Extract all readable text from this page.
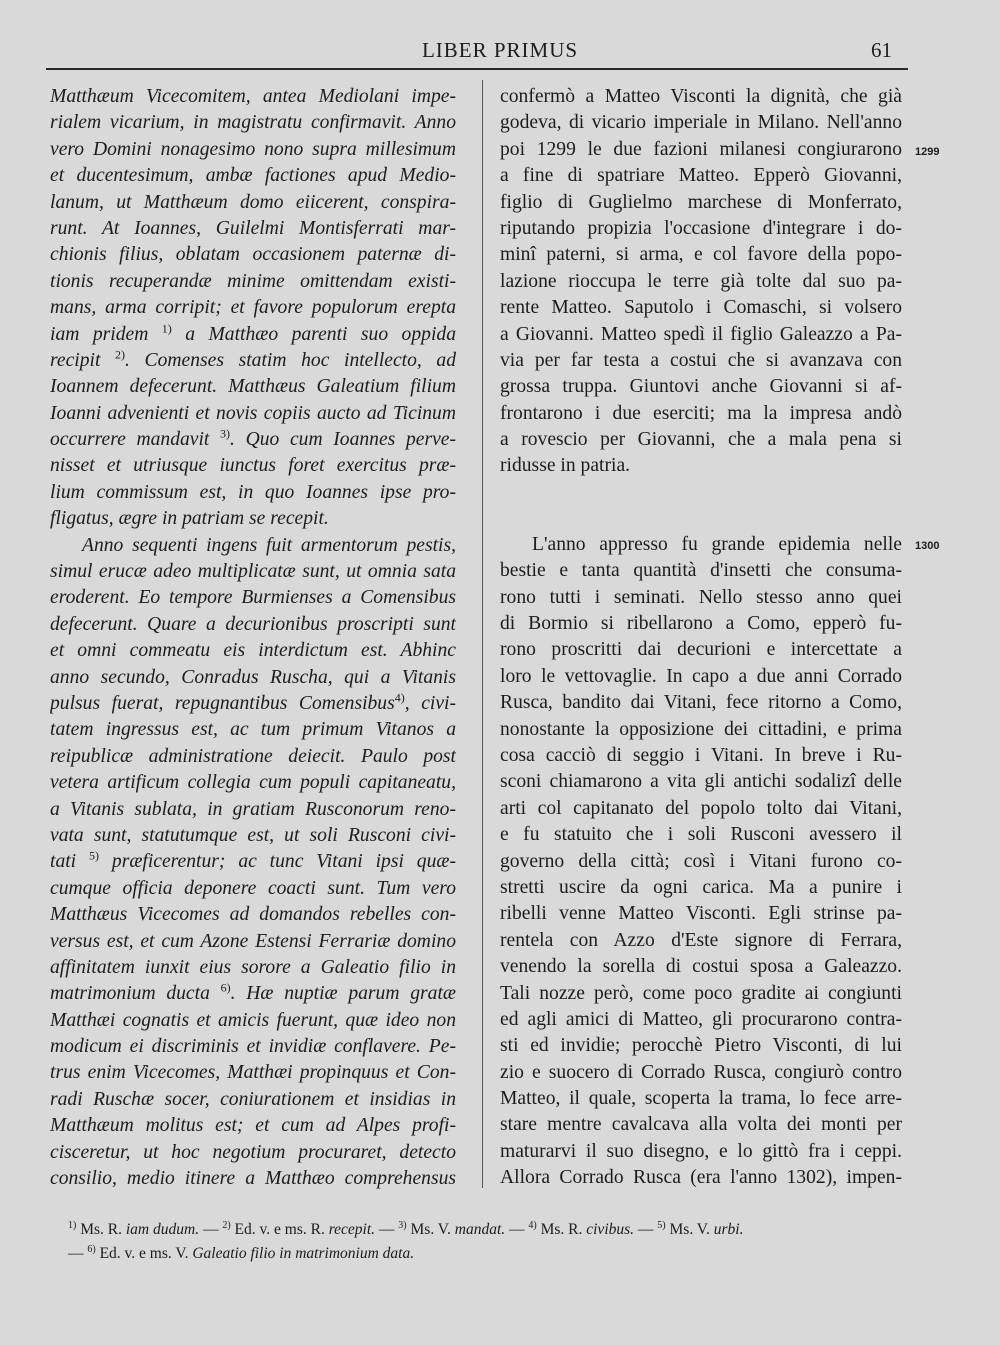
LIBER PRIMUS	61
Matthæum Vicecomitem, antea Mediolani impe-
rialem vicarium, in magistratu confirmavit. Anno
vero Domini nonagesimo nono supra millesimum
et ducentesimum, ambæ factiones apud Medio-
lanum, ut Matthæum domo eiicerent, conspira-
runt. At Ioannes, Guilelmi Montisferrati mar-
chionis filius, oblatam occasionem paternæ di-
tionis recuperandæ minime omittendam existi-
mans, arma corripit; et favore populorum erepta
iam pridem $^{1)}$ a Matthæo parenti suo oppida
recipit $^{2)}$. Comenses statim hoc intellecto, ad
Ioannem defecerunt. Matthæus Galeatium filium
Ioanni advenienti et novis copiis aucto ad Ticinum
occurrere mandavit $^{3)}$. Quo cum Ioannes perve-
nisset et utriusque iunctus foret exercitus præ-
lium commissum est, in quo Ioannes ipse pro-
fligatus, ægre in patriam se recepit.
Anno sequenti ingens fuit armentorum pestis,
simul erucæ adeo multiplicatæ sunt, ut omnia sata
eroderent. Eo tempore Burmienses a Comensibus
defecerunt. Quare a decurionibus proscripti sunt
et omni commeatu eis interdictum est. Abhinc
anno secundo, Conradus Ruscha, qui a Vitanis
pulsus fuerat, repugnantibus Comensibus$^{4)}$, civi-
tatem ingressus est, ac tum primum Vitanos a
reipublicæ administratione deiecit. Paulo post
vetera artificum collegia cum populi capitaneatu,
a Vitanis sublata, in gratiam Rusconorum reno-
vata sunt, statutumque est, ut soli Rusconi civi-
tati $^{5)}$ præficerentur; ac tunc Vitani ipsi quæ-
cumque officia deponere coacti sunt. Tum vero
Matthæus Vicecomes ad domandos rebelles con-
versus est, et cum Azone Estensi Ferrariæ domino
affinitatem iunxit eius sorore a Galeatio filio in
matrimonium ducta $^{6)}$. Hæ nuptiæ parum gratæ
Matthæi cognatis et amicis fuerunt, quæ ideo non
modicum ei discriminis et invidiæ conflavere. Pe-
trus enim Vicecomes, Matthæi propinquus et Con-
radi Ruschæ socer, coniurationem et insidias in
Matthæum molitus est; et cum ad Alpes profi-
cisceretur, ut hoc negotium procuraret, detecto
consilio, medio itinere a Matthæo comprehensus
confermò a Matteo Visconti la dignità, che già
godeva, di vicario imperiale in Milano. Nell'anno
poi 1299 le due fazioni milanesi congiurarono
a fine di spatriare Matteo. Epperò Giovanni,
figlio di Guglielmo marchese di Monferrato,
riputando propizia l'occasione d'integrare i do-
minî paterni, si arma, e col favore della popo-
lazione rioccupa le terre già tolte dal suo pa-
rente Matteo. Saputolo i Comaschi, si volsero
a Giovanni. Matteo spedì il figlio Galeazzo a Pa-
via per far testa a costui che si avanzava con
grossa truppa. Giuntovi anche Giovanni si af-
frontarono i due eserciti; ma la impresa andò
a rovescio per Giovanni, che a mala pena si
ridusse in patria.
L'anno appresso fu grande epidemia nelle
bestie e tanta quantità d'insetti che consuma-
rono tutti i seminati. Nello stesso anno quei
di Bormio si ribellarono a Como, epperò fu-
rono proscritti dai decurioni e intercettate a
loro le vettovaglie. In capo a due anni Corrado
Rusca, bandito dai Vitani, fece ritorno a Como,
nonostante la opposizione dei cittadini, e prima
cosa cacciò di seggio i Vitani. In breve i Ru-
sconi chiamarono a vita gli antichi sodalizî delle
arti col capitanato del popolo tolto dai Vitani,
e fu statuito che i soli Rusconi avessero il
governo della città; così i Vitani furono co-
stretti uscire da ogni carica. Ma a punire i
ribelli venne Matteo Visconti. Egli strinse pa-
rentela con Azzo d'Este signore di Ferrara,
venendo la sorella di costui sposa a Galeazzo.
Tali nozze però, come poco gradite ai congiunti
ed agli amici di Matteo, gli procurarono contra-
sti ed invidie; perocchè Pietro Visconti, di lui
zio e suocero di Corrado Rusca, congiurò contro
Matteo, il quale, scoperta la trama, lo fece arre-
stare mentre cavalcava alla volta dei monti per
maturarvi il suo disegno, e lo gittò fra i ceppi.
Allora Corrado Rusca (era l'anno 1302), impen-
1299
1300
$^{1)}$ Ms. R. iam dudum. — $^{2)}$ Ed. v. e ms. R. recepit. — $^{3)}$ Ms. V. mandat. — $^{4)}$ Ms. R. civibus. — $^{5)}$ Ms. V. urbi.
— $^{6)}$ Ed. v. e ms. V. Galeatio filio in matrimonium data.
